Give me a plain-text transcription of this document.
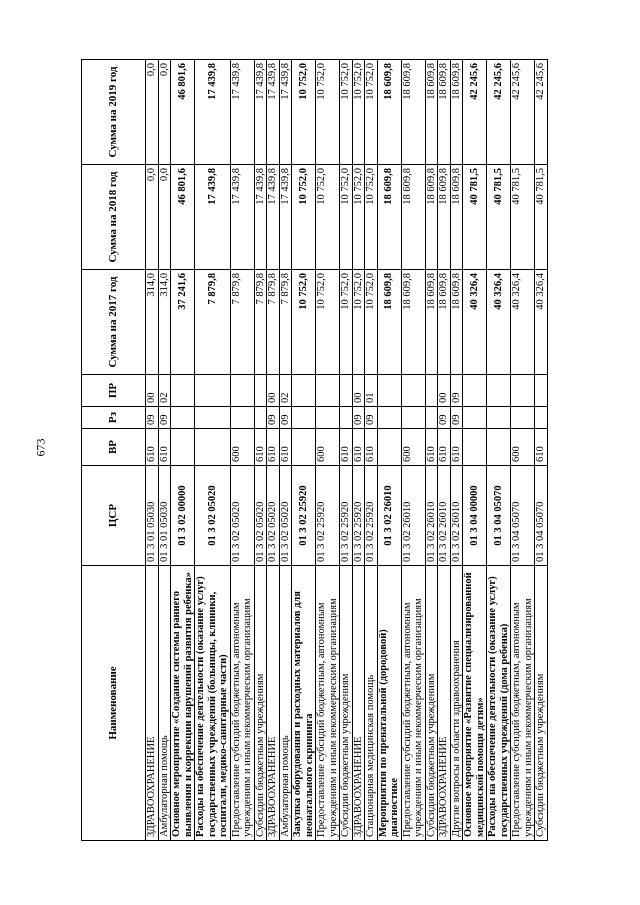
673
Наименование	ЦСР	ВР	Рз	ПР	Сумма на 2017 год	Сумма на 2018 год	Сумма на 2019 год
ЗДРАВООХРАНЕНИЕ	01 3 01 05030	610	09	00	314,0	0,0	0,0
Амбулаторная помощь	01 3 01 05030	610	09	02	314,0	0,0	0,0
Основное мероприятие «Создание системы раннего выявления и коррекции нарушений развития ребенка»	01 3 02 00000				37 241,6	46 801,6	46 801,6
Расходы на обеспечение деятельности (оказание услуг) государственных учреждений (больницы, клиники, госпитали, медико-санитарные части)	01 3 02 05020				7 879,8	17 439,8	17 439,8
Предоставление субсидий бюджетным, автономным учреждениям и иным некоммерческим организациям	01 3 02 05020	600			7 879,8	17 439,8	17 439,8
Субсидии бюджетным учреждениям	01 3 02 05020	610			7 879,8	17 439,8	17 439,8
ЗДРАВООХРАНЕНИЕ	01 3 02 05020	610	09	00	7 879,8	17 439,8	17 439,8
Амбулаторная помощь	01 3 02 05020	610	09	02	7 879,8	17 439,8	17 439,8
Закупка оборудования и расходных материалов для неонатального скрининга	01 3 02 25920				10 752,0	10 752,0	10 752,0
Предоставление субсидий бюджетным, автономным учреждениям и иным некоммерческим организациям	01 3 02 25920	600			10 752,0	10 752,0	10 752,0
Субсидии бюджетным учреждениям	01 3 02 25920	610			10 752,0	10 752,0	10 752,0
ЗДРАВООХРАНЕНИЕ	01 3 02 25920	610	09	00	10 752,0	10 752,0	10 752,0
Стационарная медицинская помощь	01 3 02 25920	610	09	01	10 752,0	10 752,0	10 752,0
Мероприятия по пренатальной (дородовой) диагностике	01 3 02 26010				18 609,8	18 609,8	18 609,8
Предоставление субсидий бюджетным, автономным учреждениям и иным некоммерческим организациям	01 3 02 26010	600			18 609,8	18 609,8	18 609,8
Субсидии бюджетным учреждениям	01 3 02 26010	610			18 609,8	18 609,8	18 609,8
ЗДРАВООХРАНЕНИЕ	01 3 02 26010	610	09	00	18 609,8	18 609,8	18 609,8
Другие вопросы в области здравоохранения	01 3 02 26010	610	09	09	18 609,8	18 609,8	18 609,8
Основное мероприятие «Развитие специализированной медицинской помощи детям»	01 3 04 00000				40 326,4	40 781,5	42 245,6
Расходы на обеспечение деятельности (оказание услуг) государственных учреждений (дома ребенка)	01 3 04 05070				40 326,4	40 781,5	42 245,6
Предоставление субсидий бюджетным, автономным учреждениям и иным некоммерческим организациям	01 3 04 05070	600			40 326,4	40 781,5	42 245,6
Субсидии бюджетным учреждениям	01 3 04 05070	610			40 326,4	40 781,5	42 245,6
